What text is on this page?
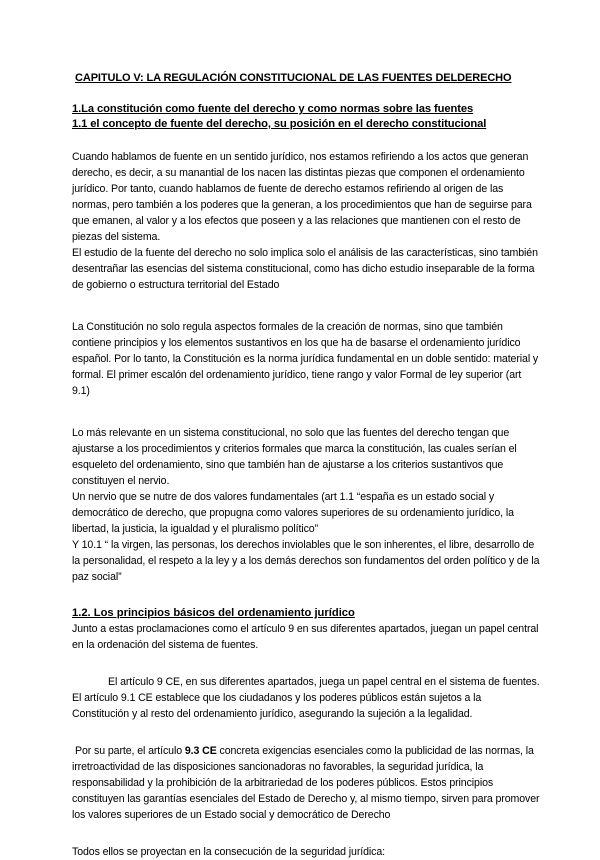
CAPITULO V: LA REGULACIÓN CONSTITUCIONAL DE LAS FUENTES DELDERECHO
1.La constitución como fuente del derecho y como normas sobre las fuentes
1.1 el concepto de fuente del derecho, su posición en el derecho constitucional

Cuando hablamos de fuente en un sentido jurídico, nos estamos refiriendo a los actos que generan derecho, es decir, a su manantial de los nacen las distintas piezas que componen el ordenamiento jurídico. Por tanto, cuando hablamos de fuente de derecho estamos refiriendo al origen de las normas, pero también a los poderes que la generan, a los procedimientos que han de seguirse para que emanen, al valor y a los efectos que poseen y a las relaciones que mantienen con el resto de piezas del sistema.

El estudio de la fuente del derecho no solo implica solo el análisis de las características, sino también desentrañar las esencias del sistema constitucional, como has dicho estudio inseparable de la forma de gobierno o estructura territorial del Estado

La Constitución no solo regula aspectos formales de la creación de normas, sino que también contiene principios y los elementos sustantivos en los que ha de basarse el ordenamiento jurídico español. Por lo tanto, la Constitución es la norma jurídica fundamental en un doble sentido: material y formal. El primer escalón del ordenamiento jurídico, tiene rango y valor Formal de ley superior (art 9.1)

Lo más relevante en un sistema constitucional, no solo que las fuentes del derecho tengan que ajustarse a los procedimientos y criterios formales que marca la constitución, las cuales serían el esqueleto del ordenamiento, sino que también han de ajustarse a los criterios sustantivos que constituyen el nervio.

Un nervio que se nutre de dos valores fundamentales (art 1.1 “españa es un estado social y democrático de derecho, que propugna como valores superiores de su ordenamiento jurídico, la libertad, la justicia, la igualdad y el pluralismo político”

Y 10.1 “ la virgen, las personas, los derechos inviolables que le son inherentes, el libre, desarrollo de la personalidad, el respeto a la ley y a los demás derechos son fundamentos del orden político y de la paz social”

1.2. Los principios básicos del ordenamiento jurídico

Junto a estas proclamaciones como el artículo 9 en sus diferentes apartados, juegan un papel central en la ordenación del sistema de fuentes.

El artículo 9 CE, en sus diferentes apartados, juega un papel central en el sistema de fuentes. El artículo 9.1 CE establece que los ciudadanos y los poderes públicos están sujetos a la Constitución y al resto del ordenamiento jurídico, asegurando la sujeción a la legalidad.

Por su parte, el artículo 9.3 CE concreta exigencias esenciales como la publicidad de las normas, la irretroactividad de las disposiciones sancionadoras no favorables, la seguridad jurídica, la responsabilidad y la prohibición de la arbitrariedad de los poderes públicos. Estos principios constituyen las garantías esenciales del Estado de Derecho y, al mismo tiempo, sirven para promover los valores superiores de un Estado social y democrático de Derecho

Todos ellos se proyectan en la consecución de la seguridad jurídica:
